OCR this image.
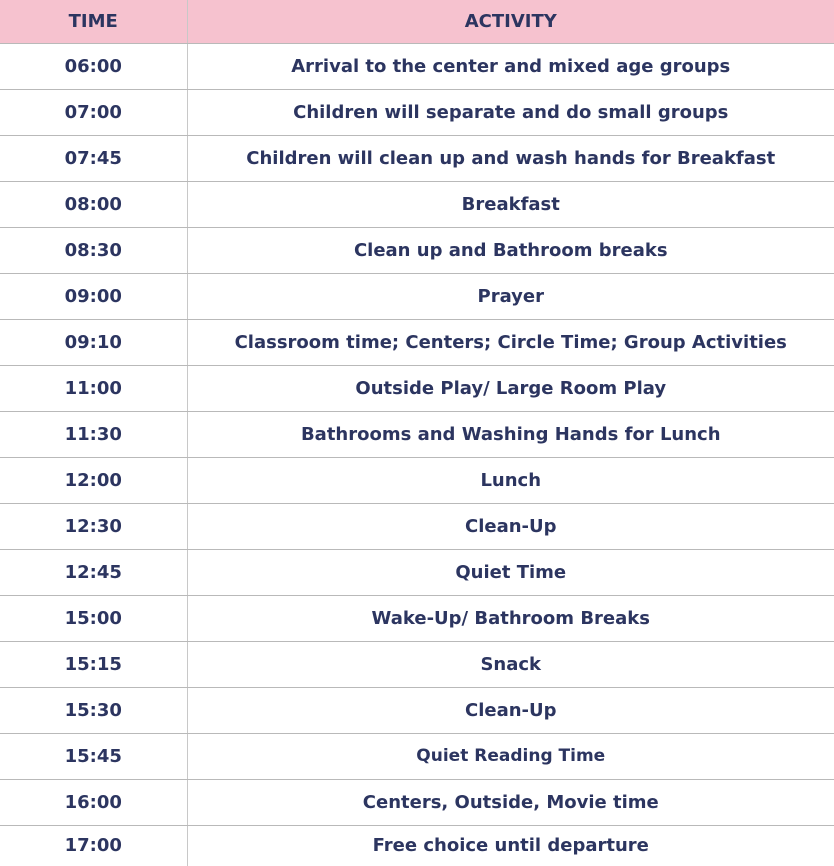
TIME	ACTIVITY
06:00	Arrival to the center and mixed age groups
07:00	Children will separate and do small groups
07:45	Children will clean up and wash hands for Breakfast
08:00	Breakfast
08:30	Clean up and Bathroom breaks
09:00	Prayer
09:10	Classroom time; Centers; Circle Time; Group Activities
11:00	Outside Play/ Large Room Play
11:30	Bathrooms and Washing Hands for Lunch
12:00	Lunch
12:30	Clean-Up
12:45	Quiet Time
15:00	Wake-Up/ Bathroom Breaks
15:15	Snack
15:30	Clean-Up
15:45	Quiet Reading Time
16:00	Centers, Outside, Movie time
17:00	Free choice until departure
